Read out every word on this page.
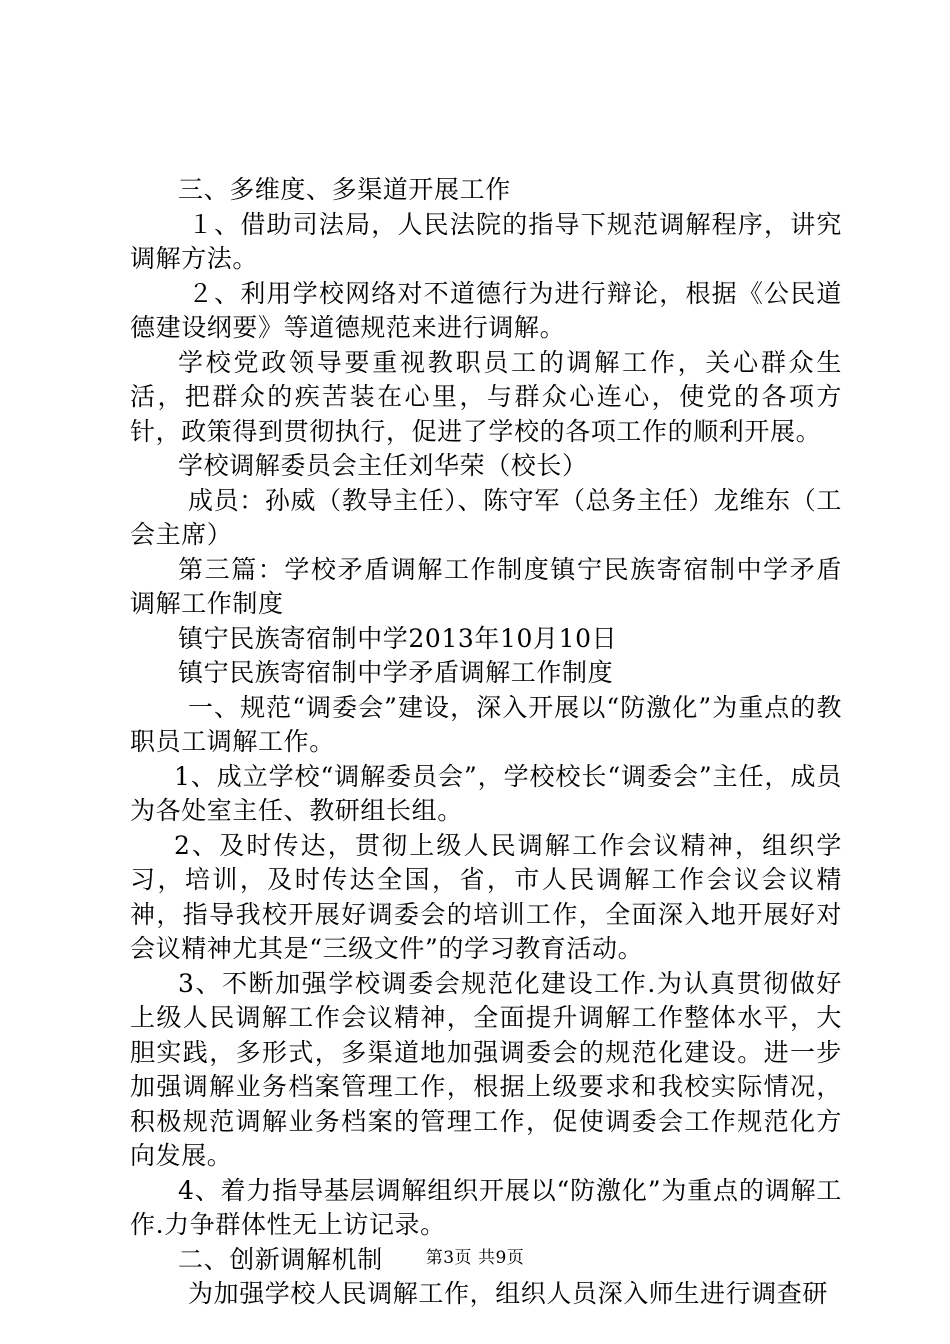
三、多维度、多渠道开展工作

１、借助司法局，人民法院的指导下规范调解程序，讲究调解方法。

２、利用学校网络对不道德行为进行辩论，根据《公民道德建设纲要》等道德规范来进行调解。

学校党政领导要重视教职员工的调解工作，关心群众生活，把群众的疾苦装在心里，与群众心连心，使党的各项方针，政策得到贯彻执行，促进了学校的各项工作的顺利开展。

学校调解委员会主任刘华荣（校长）

成员：孙威（教导主任）、陈守军（总务主任）龙维东（工会主席）

第三篇：学校矛盾调解工作制度镇宁民族寄宿制中学矛盾调解工作制度

镇宁民族寄宿制中学2013年10月10日

镇宁民族寄宿制中学矛盾调解工作制度

一、规范“调委会”建设，深入开展以“防激化”为重点的教职员工调解工作。

1、成立学校“调解委员会”，学校校长“调委会”主任，成员为各处室主任、教研组长组。

2、及时传达，贯彻上级人民调解工作会议精神，组织学习，培训，及时传达全国，省，市人民调解工作会议会议精神，指导我校开展好调委会的培训工作，全面深入地开展好对会议精神尤其是“三级文件”的学习教育活动。

3、不断加强学校调委会规范化建设工作.为认真贯彻做好上级人民调解工作会议精神，全面提升调解工作整体水平，大胆实践，多形式，多渠道地加强调委会的规范化建设。进一步加强调解业务档案管理工作，根据上级要求和我校实际情况，积极规范调解业务档案的管理工作，促使调委会工作规范化方向发展。

4、着力指导基层调解组织开展以“防激化”为重点的调解工作.力争群体性无上访记录。

二、创新调解机制

为加强学校人民调解工作，组织人员深入师生进行调查研

第3页 共9页
